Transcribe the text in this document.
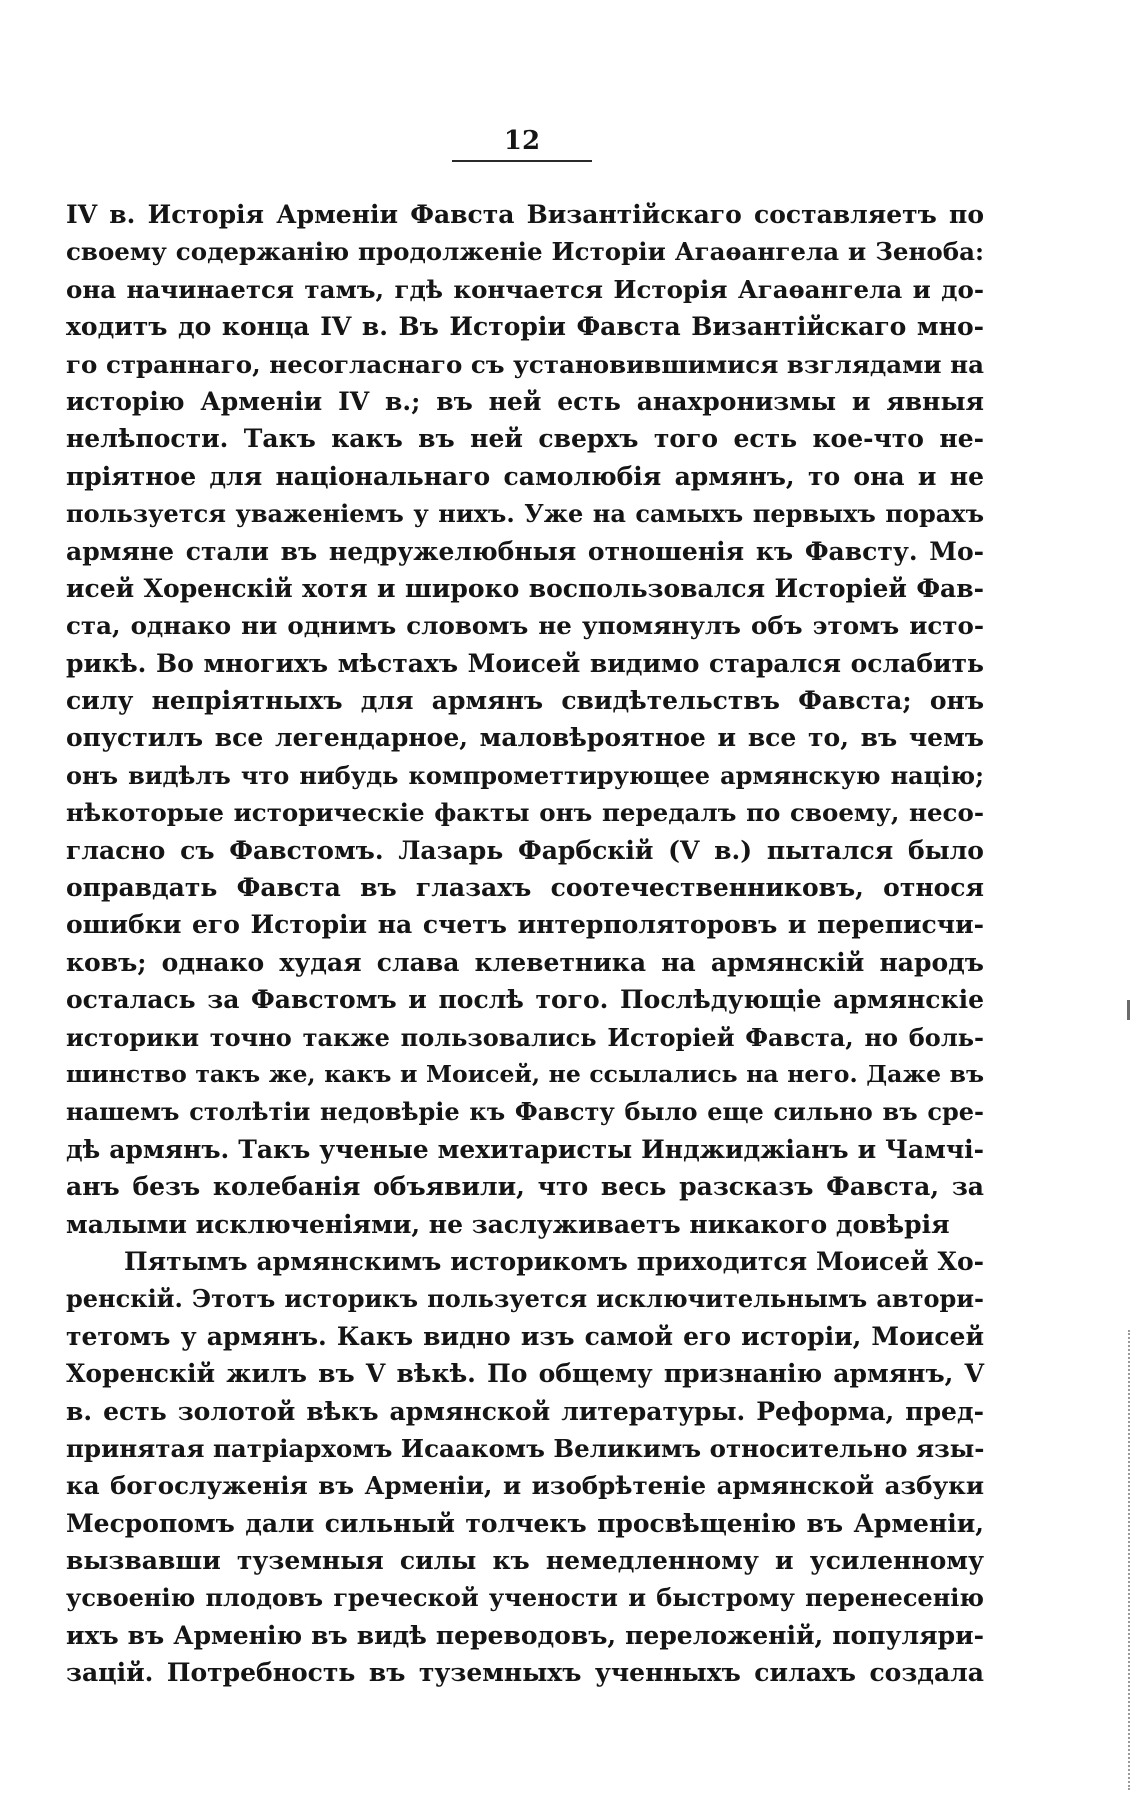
12
IV в. Исторія Арменіи Фавста Византійскаго составляетъ по
своему содержанію продолженіе Исторіи Агаѳангела и Зеноба:
она начинается тамъ, гдѣ кончается Исторія Агаѳангела и до-
ходитъ до конца IV в. Въ Исторіи Фавста Византійскаго мно-
го страннаго, несогласнаго съ установившимися взглядами на
исторію Арменіи IV в.; въ ней есть анахронизмы и явныя
нелѣпости. Такъ какъ въ ней сверхъ того есть кое-что не-
пріятное для національнаго самолюбія армянъ, то она и не
пользуется уваженіемъ у нихъ. Уже на самыхъ первыхъ порахъ
армяне стали въ недружелюбныя отношенія къ Фавсту. Мо-
исей Хоренскій хотя и широко воспользовался Исторіей Фав-
ста, однако ни однимъ словомъ не упомянулъ объ этомъ исто-
рикѣ. Во многихъ мѣстахъ Моисей видимо старался ослабить
силу непріятныхъ для армянъ свидѣтельствъ Фавста; онъ
опустилъ все легендарное, маловѣроятное и все то, въ чемъ
онъ видѣлъ что нибудь компрометтирующее армянскую націю;
нѣкоторые историческіе факты онъ передалъ по своему, несо-
гласно съ Фавстомъ. Лазарь Фарбскій (V в.) пытался было
оправдать Фавста въ глазахъ соотечественниковъ, относя
ошибки его Исторіи на счетъ интерполяторовъ и переписчи-
ковъ; однако худая слава клеветника на армянскій народъ
осталась за Фавстомъ и послѣ того. Послѣдующіе армянскіе
историки точно также пользовались Исторіей Фавста, но боль-
шинство такъ же, какъ и Моисей, не ссылались на него. Даже въ
нашемъ столѣтіи недовѣріе къ Фавсту было еще сильно въ сре-
дѣ армянъ. Такъ ученые мехитаристы Инджиджіанъ и Чамчі-
анъ безъ колебанія объявили, что весь разсказъ Фавста, за
малыми исключеніями, не заслуживаетъ никакого довѣрія
Пятымъ армянскимъ историкомъ приходится Моисей Хо-
ренскій. Этотъ историкъ пользуется исключительнымъ автори-
тетомъ у армянъ. Какъ видно изъ самой его исторіи, Моисей
Хоренскій жилъ въ V вѣкѣ. По общему признанію армянъ, V
в. есть золотой вѣкъ армянской литературы. Реформа, пред-
принятая патріархомъ Исаакомъ Великимъ относительно язы-
ка богослуженія въ Арменіи, и изобрѣтеніе армянской азбуки
Месропомъ дали сильный толчекъ просвѣщенію въ Арменіи,
вызвавши туземныя силы къ немедленному и усиленному
усвоенію плодовъ греческой учености и быстрому перенесенію
ихъ въ Арменію въ видѣ переводовъ, переложеній, популяри-
зацій. Потребность въ туземныхъ ученныхъ силахъ создала
